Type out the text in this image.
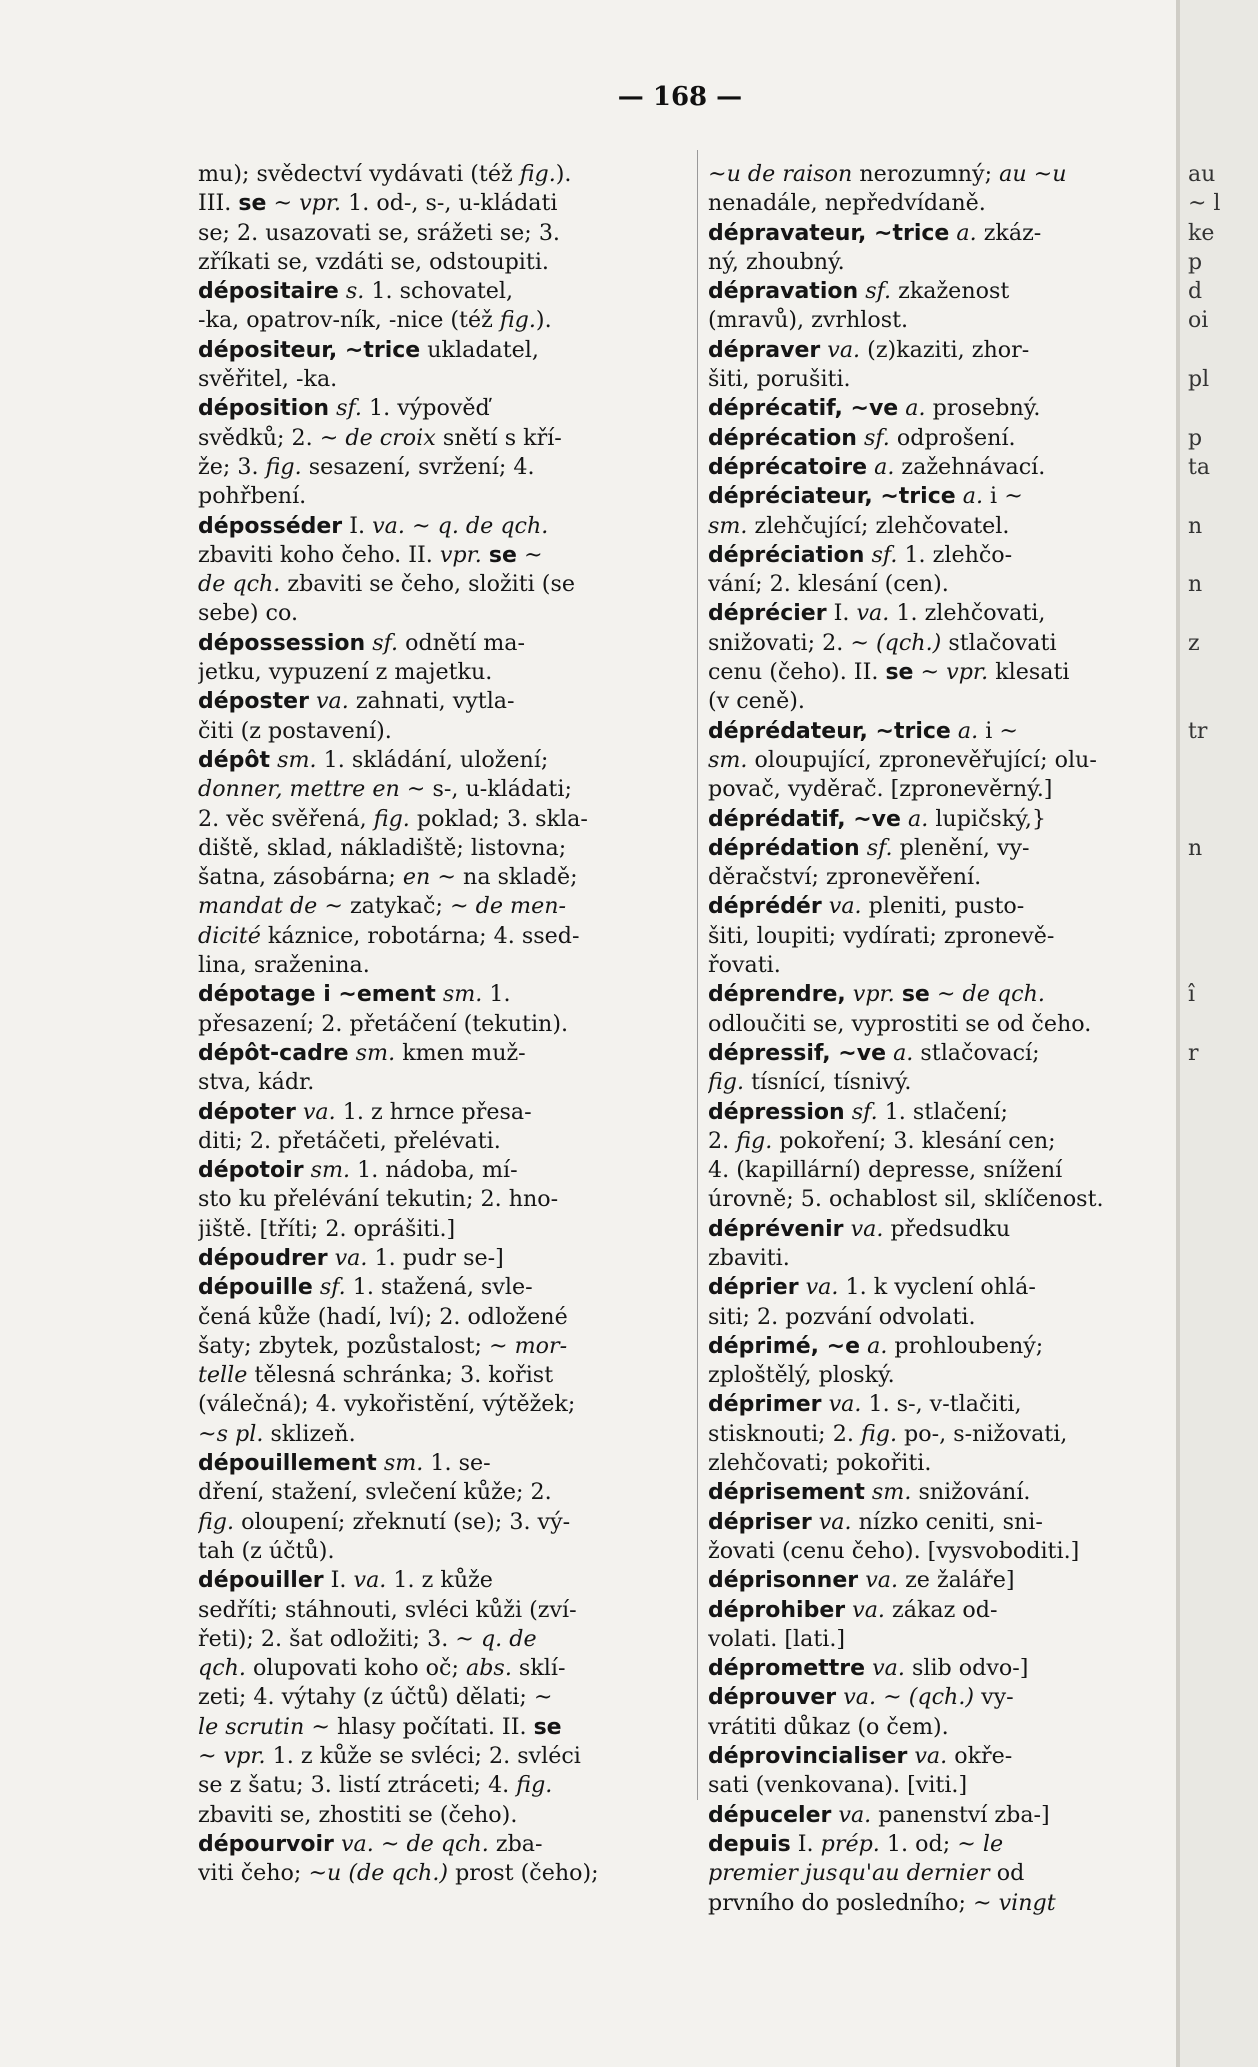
— 168 —
mu); svědectví vydávati (též fig.).
III. se ~ vpr. 1. od-, s-, u-kládati
se; 2. usazovati se, srážeti se; 3.
zříkati se, vzdáti se, odstoupiti.
dépositaire s. 1. schovatel,
-ka, opatrov-ník, -nice (též fig.).
dépositeur, ~trice ukladatel,
svěřitel, -ka.
déposition sf. 1. výpověď
svědků; 2. ~ de croix snětí s kří-
že; 3. fig. sesazení, svržení; 4.
pohřbení.
déposséder I. va. ~ q. de qch.
zbaviti koho čeho. II. vpr. se ~
de qch. zbaviti se čeho, složiti (se
sebe) co.
dépossession sf. odnětí ma-
jetku, vypuzení z majetku.
déposter va. zahnati, vytla-
čiti (z postavení).
dépôt sm. 1. skládání, uložení;
donner, mettre en ~ s-, u-kládati;
2. věc svěřená, fig. poklad; 3. skla-
diště, sklad, nákladiště; listovna;
šatna, zásobárna; en ~ na skladě;
mandat de ~ zatykač; ~ de men-
dicité káznice, robotárna; 4. ssed-
lina, sraženina.
dépotage i ~ement sm. 1.
přesazení; 2. přetáčení (tekutin).
dépôt-cadre sm. kmen muž-
stva, kádr.
dépoter va. 1. z hrnce přesa-
diti; 2. přetáčeti, přelévati.
dépotoir sm. 1. nádoba, mí-
sto ku přelévání tekutin; 2. hno-
jiště. [tříti; 2. oprášiti.]
dépoudrer va. 1. pudr se-]
dépouille sf. 1. stažená, svle-
čená kůže (hadí, lví); 2. odložené
šaty; zbytek, pozůstalost; ~ mor-
telle tělesná schránka; 3. kořist
(válečná); 4. vykořistění, výtěžek;
~s pl. sklizeň.
dépouillement sm. 1. se-
dření, stažení, svlečení kůže; 2.
fig. oloupení; zřeknutí (se); 3. vý-
tah (z účtů).
dépouiller I. va. 1. z kůže
sedříti; stáhnouti, svléci kůži (zví-
řeti); 2. šat odložiti; 3. ~ q. de
qch. olupovati koho oč; abs. sklí-
zeti; 4. výtahy (z účtů) dělati; ~
le scrutin ~ hlasy počítati. II. se
~ vpr. 1. z kůže se svléci; 2. svléci
se z šatu; 3. listí ztráceti; 4. fig.
zbaviti se, zhostiti se (čeho).
dépourvoir va. ~ de qch. zba-
viti čeho; ~u (de qch.) prost (čeho);
~u de raison nerozumný; au ~u
nenadále, nepředvídaně.
dépravateur, ~trice a. zkáz-
ný, zhoubný.
dépravation sf. zkaženost
(mravů), zvrhlost.
dépraver va. (z)kaziti, zhor-
šiti, porušiti.
déprécatif, ~ve a. prosebný.
déprécation sf. odprošení.
déprécatoire a. zažehnávací.
dépréciateur, ~trice a. i ~
sm. zlehčující; zlehčovatel.
dépréciation sf. 1. zlehčo-
vání; 2. klesání (cen).
déprécier I. va. 1. zlehčovati,
snižovati; 2. ~ (qch.) stlačovati
cenu (čeho). II. se ~ vpr. klesati
(v ceně).
déprédateur, ~trice a. i ~
sm. oloupující, zpronevěřující; olu-
povač, vyděrač. [zpronevěrný.]
déprédatif, ~ve a. lupičský,}
déprédation sf. plenění, vy-
děračství; zpronevěření.
déprédér va. pleniti, pusto-
šiti, loupiti; vydírati; zpronevě-
řovati.
déprendre, vpr. se ~ de qch.
odloučiti se, vyprostiti se od čeho.
dépressif, ~ve a. stlačovací;
fig. tísnící, tísnivý.
dépression sf. 1. stlačení;
2. fig. pokoření; 3. klesání cen;
4. (kapillární) depresse, snížení
úrovně; 5. ochablost sil, sklíčenost.
déprévenir va. předsudku
zbaviti.
déprier va. 1. k vyclení ohlá-
siti; 2. pozvání odvolati.
déprimé, ~e a. prohloubený;
zploštělý, ploský.
déprimer va. 1. s-, v-tlačiti,
stisknouti; 2. fig. po-, s-nižovati,
zlehčovati; pokořiti.
déprisement sm. snižování.
dépriser va. nízko ceniti, sni-
žovati (cenu čeho). [vysvoboditi.]
déprisonner va. ze žaláře]
déprohiber va. zákaz od-
volati. [lati.]
dépromettre va. slib odvo-]
déprouver va. ~ (qch.) vy-
vrátiti důkaz (o čem).
déprovincialiser va. okře-
sati (venkovana). [viti.]
dépuceler va. panenství zba-]
depuis I. prép. 1. od; ~ le
premier jusqu'au dernier od
prvního do posledního; ~ vingt
au
~ l
ke
p
d
oi
pl
p
ta
n
n
z
tr
n
î
r
